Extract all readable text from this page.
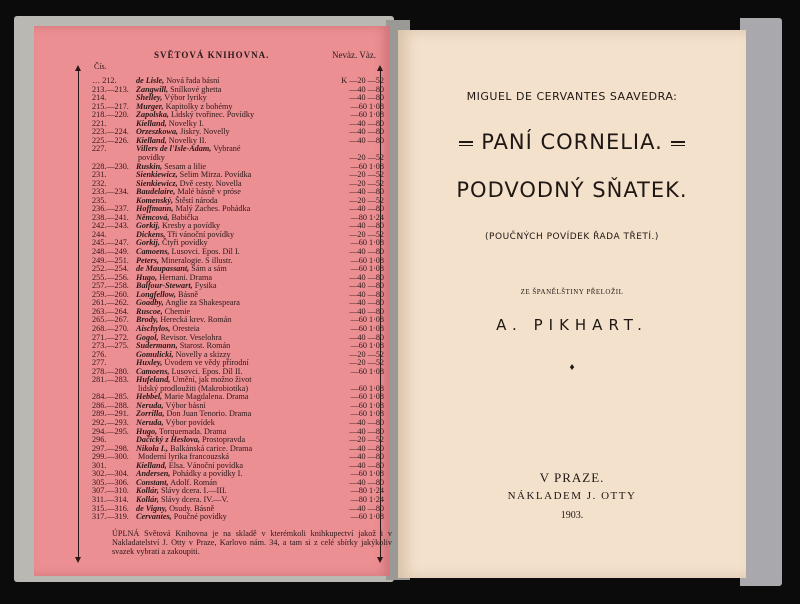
SVĚTOVÁ KNIHOVNA.	Nevàz. Vàz.
Čís.
… 212. de Lisle, Nová řada básní	K —20 —52
213.—213. Zangwill, Snílkové ghetta	—40 —80
214.	Shelley, Výbor lyriky	—40 —80
215.—217. Murger, Kapitolky z bohémy	—60 1·08
218.—220. Zapolska, Lidský tvořinec. Povídky	—60 1·08
221.	Kielland, Novelky I.	—40 —80
223.—224. Orzeszkowa, Jiskry. Novelly	—40 —80
225.—226. Kielland, Novelky II.	—40 —80
227.	Villers de l'Isle-Adam, Vybrané
povídky	—20 —52
228.—230. Ruskin, Sesam a lilie	—60 1·08
231.	Sienkiewicz, Selim Mirza. Povídka	—20 —52
232.	Sienkiewicz, Dvě cesty. Novella	—20 —52
233.—234. Baudelaire, Malé básně v próse	—40 —80
235.	Komenský, Štěstí národa	—20 —52
236.—237. Hoffmann, Malý Zaches. Pohádka	—40 —80
238.—241. Němcová, Babička	—80 1·24
242.—243. Gorkij, Kresby a povídky	—40 —80
244.	Dickens, Tři vánoční povídky	—20 —52
245.—247. Gorkij, Čtyři povídky	—60 1·08
248.—249. Camoens, Lusovci. Epos. Díl I.	—40 —80
249.—251. Peters, Mineralogie. S illustr.	—60 1·08
252.—254. de Maupassant, Sám a sám	—60 1·08
255.—256. Hugo, Hernani. Drama	—40 —80
257.—258. Balfour-Stewart, Fysika	—40 —80
259.—260. Longfellow, Básně	—40 —80
261.—262. Goadby, Anglie za Shakespeara	—40 —80
263.—264. Ruscoe, Chemie	—40 —80
265.—267. Brody, Herecká krev. Román	—60 1·08
268.—270. Aischylos, Oresteia	—60 1·08
271.—272. Gogol, Revisor. Veselohra	—40 —80
273.—275. Sudermann, Starost. Román	—60 1·08
276.	Gomulicki, Novelly a skizzy	—20 —52
277.	Huxley, Úvodem ve vědy přírodní	—20 —52
278.—280. Camoens, Lusovci. Epos. Díl II.	—60 1·08
281.—283. Hufeland, Umění, jak možno život
lidský prodloužiti (Makrobiotika)	—60 1·08
284.—285. Hebbel, Marie Magdalena. Drama	—60 1·08
286.—288. Neruda, Výbor básní	—60 1·08
289.—291. Zorrilla, Don Juan Tenorio. Drama	—60 1·08
292.—293. Neruda, Výbor povídek	—40 —80
294.—295. Hugo, Torquemada. Drama	—40 —80
296.	Dačický z Heslova, Prostopravda	—20 —52
297.—298. Nikola I., Balkánská carice. Drama	—40 —80
299.—300. Moderní lyrika francouzská	—40 —80
301.	Kielland, Elsa. Vánoční povídka	—40 —80
302.—304. Andersen, Pohádky a povídky I.	—60 1·08
305.—306. Constant, Adolf. Román	—40 —80
307.—310. Kollár, Slávy dcera. I.—III.	—80 1·24
311.—314. Kollár, Slávy dcera. IV.—V.	—80 1·24
315.—316. de Vigny, Osudy. Básně	—40 —80
317.—319. Cervantes, Poučné povídky	—60 1·08
ÚPLNÁ Světová Knihovna je na skladě v kterémkoli knihkupectví jakož i v Nakladatelství J. Otty v Praze, Karlovo nám. 34, a tam si z celé sbírky jakýkoliv svazek vybrati a zakoupiti.
MIGUEL DE CERVANTES SAAVEDRA:
PANÍ CORNELIA.
PODVODNÝ SŇATEK.
(POUČNÝCH POVÍDEK ŘADA TŘETÍ.)
ZE ŠPANĚLŠTINY PŘELOŽIL
A. PIKHART.
♦
V PRAZE.
NÁKLADEM J. OTTY
1903.
